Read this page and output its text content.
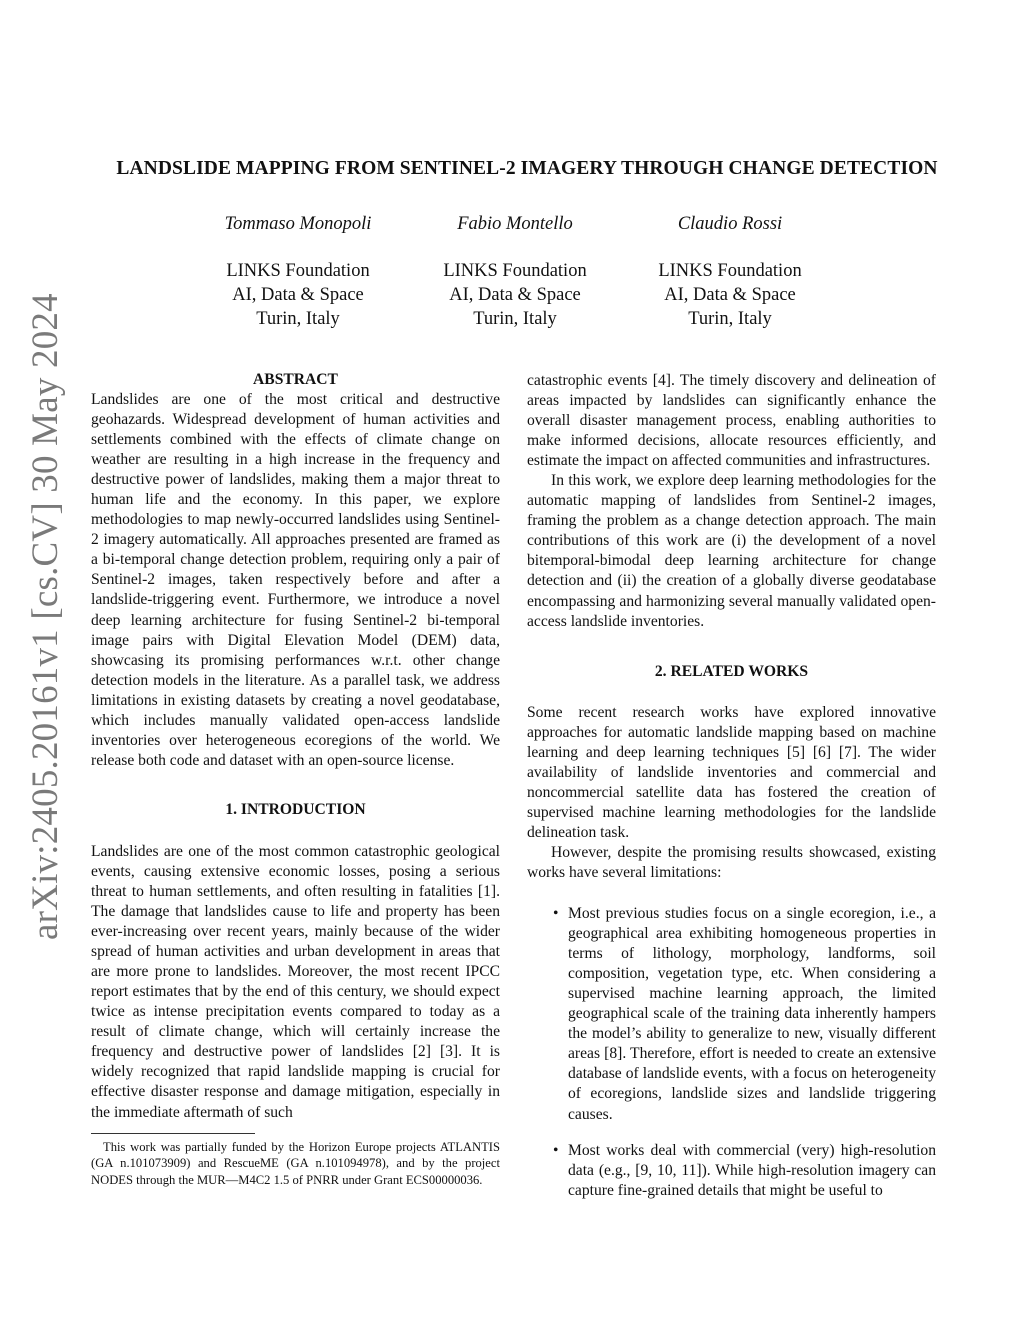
arXiv:2405.20161v1 [cs.CV] 30 May 2024
LANDSLIDE MAPPING FROM SENTINEL-2 IMAGERY THROUGH CHANGE DETECTION
Tommaso Monopoli
LINKS Foundation
AI, Data & Space
Turin, Italy
Fabio Montello
LINKS Foundation
AI, Data & Space
Turin, Italy
Claudio Rossi
LINKS Foundation
AI, Data & Space
Turin, Italy
ABSTRACT

Landslides are one of the most critical and destructive geohazards. Widespread development of human activities and settlements combined with the effects of climate change on weather are resulting in a high increase in the frequency and destructive power of landslides, making them a major threat to human life and the economy. In this paper, we explore methodologies to map newly-occurred landslides using Sentinel-2 imagery automatically. All approaches presented are framed as a bi-temporal change detection problem, requiring only a pair of Sentinel-2 images, taken respectively before and after a landslide-triggering event. Furthermore, we introduce a novel deep learning architecture for fusing Sentinel-2 bi-temporal image pairs with Digital Elevation Model (DEM) data, showcasing its promising performances w.r.t. other change detection models in the literature. As a parallel task, we address limitations in existing datasets by creating a novel geodatabase, which includes manually validated open-access landslide inventories over heterogeneous ecoregions of the world. We release both code and dataset with an open-source license.

1. INTRODUCTION

Landslides are one of the most common catastrophic geological events, causing extensive economic losses, posing a serious threat to human settlements, and often resulting in fatalities [1]. The damage that landslides cause to life and property has been ever-increasing over recent years, mainly because of the wider spread of human activities and urban development in areas that are more prone to landslides. Moreover, the most recent IPCC report estimates that by the end of this century, we should expect twice as intense precipitation events compared to today as a result of climate change, which will certainly increase the frequency and destructive power of landslides [2] [3]. It is widely recognized that rapid landslide mapping is crucial for effective disaster response and damage mitigation, especially in the immediate aftermath of such

This work was partially funded by the Horizon Europe projects ATLANTIS (GA n.101073909) and RescueME (GA n.101094978), and by the project NODES through the MUR—M4C2 1.5 of PNRR under Grant ECS00000036.

catastrophic events [4]. The timely discovery and delineation of areas impacted by landslides can significantly enhance the overall disaster management process, enabling authorities to make informed decisions, allocate resources efficiently, and estimate the impact on affected communities and infrastructures.

In this work, we explore deep learning methodologies for the automatic mapping of landslides from Sentinel-2 images, framing the problem as a change detection approach. The main contributions of this work are (i) the development of a novel bitemporal-bimodal deep learning architecture for change detection and (ii) the creation of a globally diverse geodatabase encompassing and harmonizing several manually validated open-access landslide inventories.

2. RELATED WORKS

Some recent research works have explored innovative approaches for automatic landslide mapping based on machine learning and deep learning techniques [5] [6] [7]. The wider availability of landslide inventories and commercial and noncommercial satellite data has fostered the creation of supervised machine learning methodologies for the landslide delineation task.

However, despite the promising results showcased, existing works have several limitations:

• Most previous studies focus on a single ecoregion, i.e., a geographical area exhibiting homogeneous properties in terms of lithology, morphology, landforms, soil composition, vegetation type, etc. When considering a supervised machine learning approach, the limited geographical scale of the training data inherently hampers the model’s ability to generalize to new, visually different areas [8]. Therefore, effort is needed to create an extensive database of landslide events, with a focus on heterogeneity of ecoregions, landslide sizes and landslide triggering causes.
• Most works deal with commercial (very) high-resolution data (e.g., [9, 10, 11]). While high-resolution imagery can capture fine-grained details that might be useful to
